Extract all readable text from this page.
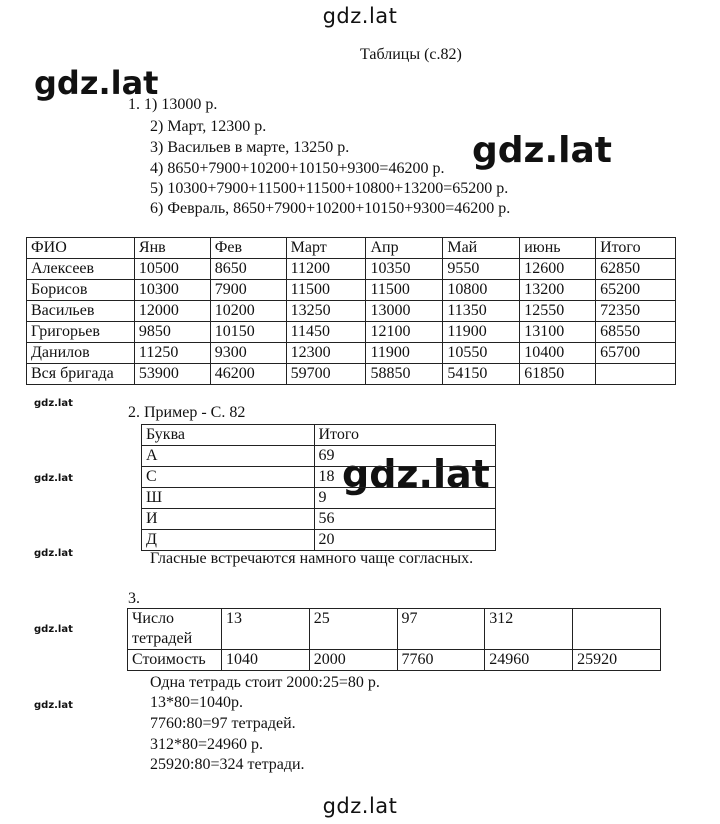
gdz.lat
gdz.lat
gdz.lat
gdz.lat
gdz.lat
gdz.lat
gdz.lat
gdz.lat
gdz.lat
gdz.lat
Таблицы (с.82)
1. 1) 13000 р.
2) Март, 12300 р.
3) Васильев в марте, 13250 р.
4) 8650+7900+10200+10150+9300=46200 р.
5) 10300+7900+11500+11500+10800+13200=65200 р.
6) Февраль, 8650+7900+10200+10150+9300=46200 р.
ФИО	Янв	Фев	Март	Апр	Май	июнь	Итого
Алексеев	10500	8650	11200	10350	9550	12600	62850
Борисов	10300	7900	11500	11500	10800	13200	65200
Васильев	12000	10200	13250	13000	11350	12550	72350
Григорьев	9850	10150	11450	12100	11900	13100	68550
Данилов	11250	9300	12300	11900	10550	10400	65700
Вся бригада	53900	46200	59700	58850	54150	61850	
2. Пример - С. 82
Буква	Итого
А	69
С	18
Ш	9
И	56
Д	20
Гласные встречаются намного чаще согласных.
3.
Число
тетрадей	13	25	97	312	
Стоимость	1040	2000	7760	24960	25920
Одна тетрадь стоит 2000:25=80 р.
13*80=1040р.
7760:80=97 тетрадей.
312*80=24960 р.
25920:80=324 тетради.
